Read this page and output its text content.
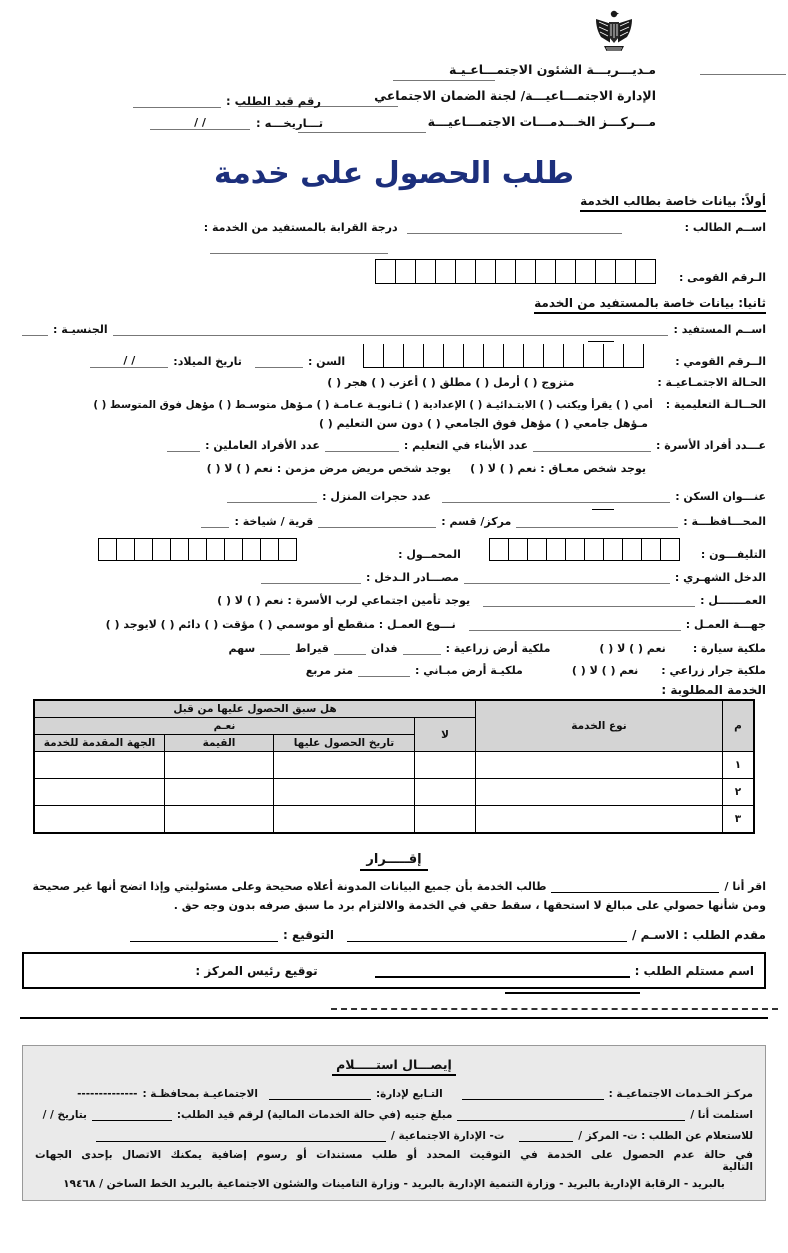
مـديـــريـــة الشئون الاجتمـــاعـيـة
الإدارة الاجتمـــاعيـــة/ لجنة الضمان الاجتماعي
مـــركـــز الخـــدمـــات الاجتمـــاعيـــة
رقم قيد الطلب :
تـــاريخـــه :
/ /
طلب الحصول على خدمة
أولاً: بيانات خاصة بطالب الخدمة
اســم الطالب :
درجة القرابة بالمستفيد من الخدمة :
الـرقم القومى :
ثانيا: بيانات خاصة بالمستفيد من الخدمة
اســم المستفيد :
الجنسيـة :
الــرقم القومي :
السن :
تاريخ الميلاد:
/ /
الحـالة الاجتمـاعيـة :
متزوج ( ) أرمل ( ) مطلق ( ) أعزب ( ) هجر ( )
الحــالـة التعليمية :
أمي ( ) يقرأ ويكتب ( ) الابتـدائيـة ( ) الإعدادية ( ) ثـانويـة عـامـة ( ) مـؤهل متوسـط ( ) مؤهل فوق المتوسط ( )
مـؤهل جامعي ( ) مؤهل فوق الجامعي ( ) دون سن التعليم ( )
عـــدد أفراد الأسرة :
عدد الأبناء في التعليم :
عدد الأفراد العاملين :
يوجد شخص معـاق : نعم ( ) لا ( )
يوجد شخص مريض مرض مزمن : نعم ( ) لا ( )
عنـــوان السكن :
عدد حجرات المنزل :
المحـــافظـــة :
مركز/ قسم :
قرية / شياخة :
التليفـــون :
المحمــول :
الدخل الشهـري :
مصـــادر الـدخل :
العمـــــــل :
يوجد تأمين اجتماعي لرب الأسرة : نعم ( ) لا ( )
جهـــة العمـل :
نـــوع العمـل : منقطع أو موسمي ( ) مؤقت ( ) دائم ( ) لايوجد ( )
ملكية سيارة :
نعم ( ) لا ( )
ملكية أرض زراعية :
فدان
قيراط
سهم
ملكية جرار زراعي :
نعم ( ) لا ( )
ملكيـة أرض مبـاني :
متر مربع
الخدمة المطلوبة :
م	نوع الخدمة	هل سبق الحصول عليها من قبل			
		لا	نعـم		
			تاريخ الحصول عليها	القيمة	الجهة المقدمة للخدمة
١					
٢					
٣					
إقـــــرار
اقر أنا /
طالب الخدمة بأن جميع البيانات المدونة أعلاه صحيحة وعلى مسئوليتي وإذا اتضح أنها غير صحيحة
ومن شأنها حصولي على مبالغ لا استحقها ، سقط حقي في الخدمة والالتزام برد ما سبق صرفه بدون وجه حق .
مقدم الطلب : الاسـم /
التوقيع :
اسم مستلم الطلب :
توقيع رئيس المركز :
إيصـــال استـــــلام
مركـز الخـدمات الاجتماعيـة :
التـابع لإدارة:
الاجتماعيـة بمحافظـة :
--------------
استلمت أنا /
مبلغ جنيه (في حالة الخدمات المالية) لرقم قيد الطلب:
بتاريخ / /
للاستعلام عن الطلب : ت- المركز /
ت- الإدارة الاجتماعية /
في حالة عدم الحصول على الخدمة في التوقيت المحدد أو طلب مستندات أو رسوم إضافية يمكنك الاتصال بإحدى الجهات التالية
بالبريد - الرقابة الإدارية بالبريد - وزارة التنمية الإدارية بالبريد - وزارة التامينات والشئون الاجتماعية بالبريد الخط الساخن / ١٩٤٦٨
